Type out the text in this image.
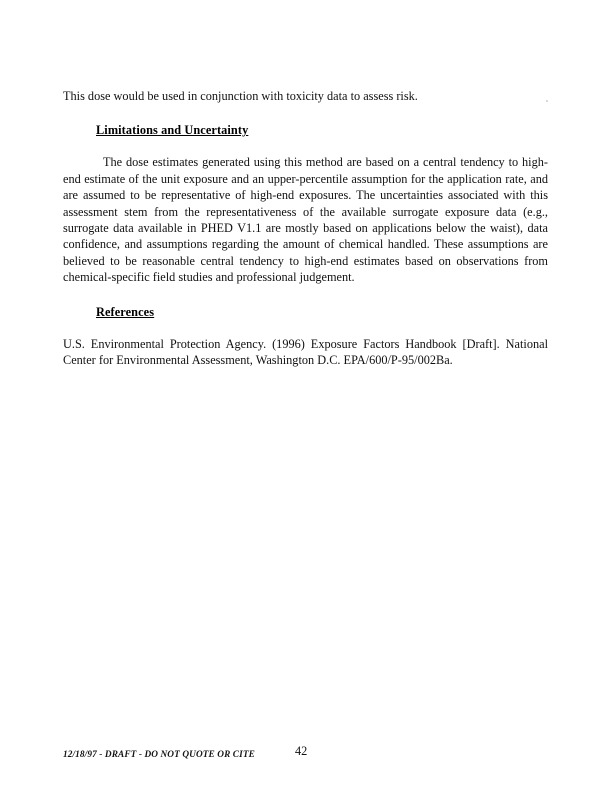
This dose would be used in conjunction with toxicity data to assess risk.

Limitations and Uncertainty

The dose estimates generated using this method are based on a central tendency to high-end estimate of the unit exposure and an upper-percentile assumption for the application rate, and are assumed to be representative of high-end exposures. The uncertainties associated with this assessment stem from the representativeness of the available surrogate exposure data (e.g., surrogate data available in PHED V1.1 are mostly based on applications below the waist), data confidence, and assumptions regarding the amount of chemical handled. These assumptions are believed to be reasonable central tendency to high-end estimates based on observations from chemical-specific field studies and professional judgement.

References

U.S. Environmental Protection Agency. (1996) Exposure Factors Handbook [Draft]. National Center for Environmental Assessment, Washington D.C. EPA/600/P-95/002Ba.

12/18/97 - DRAFT - DO NOT QUOTE OR CITE	42
